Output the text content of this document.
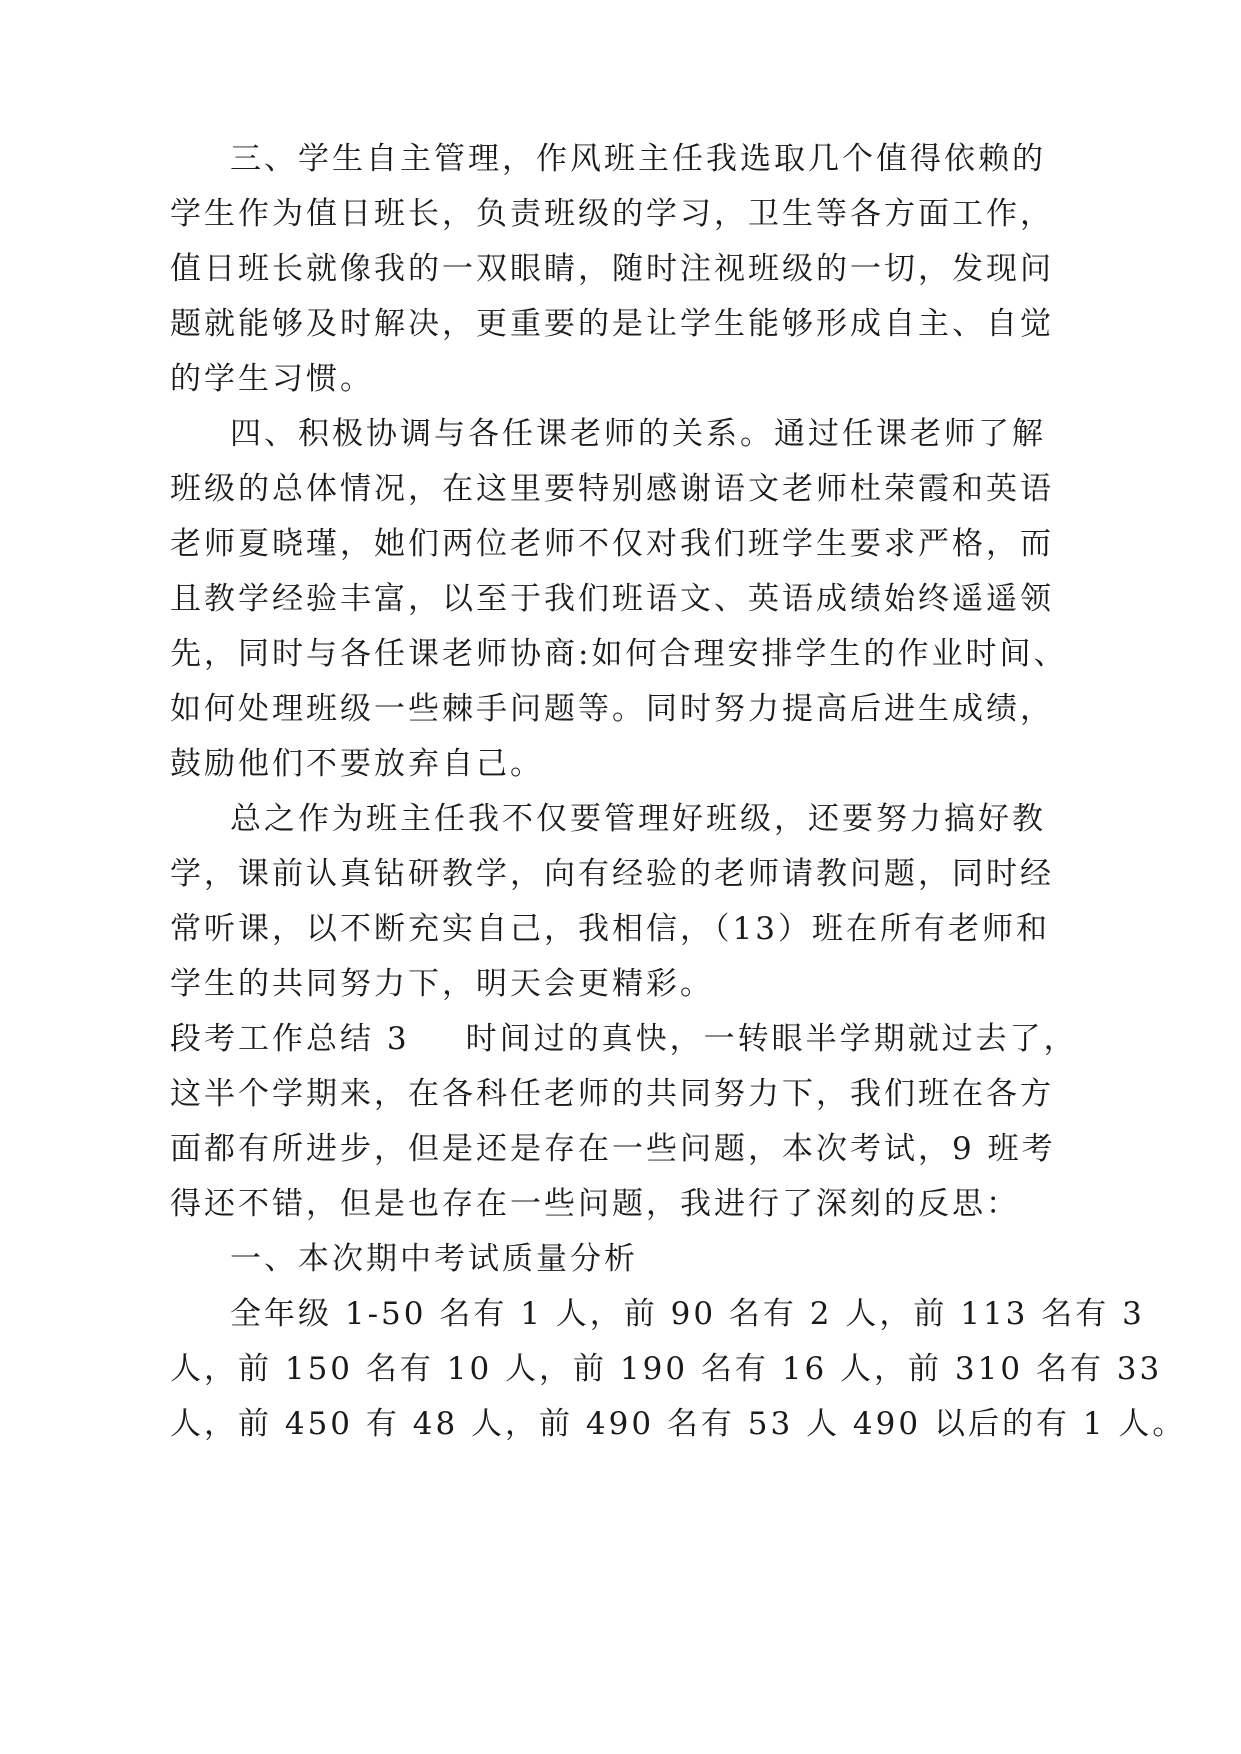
三、学生自主管理，作风班主任我选取几个值得依赖的
学生作为值日班长，负责班级的学习，卫生等各方面工作，
值日班长就像我的一双眼睛，随时注视班级的一切，发现问
题就能够及时解决，更重要的是让学生能够形成自主、自觉
的学生习惯。
四、积极协调与各任课老师的关系。通过任课老师了解
班级的总体情况，在这里要特别感谢语文老师杜荣霞和英语
老师夏晓瑾，她们两位老师不仅对我们班学生要求严格，而
且教学经验丰富，以至于我们班语文、英语成绩始终遥遥领
先，同时与各任课老师协商:如何合理安排学生的作业时间、
如何处理班级一些棘手问题等。同时努力提高后进生成绩，
鼓励他们不要放弃自己。
总之作为班主任我不仅要管理好班级，还要努力搞好教
学，课前认真钻研教学，向有经验的老师请教问题，同时经
常听课，以不断充实自己，我相信，（13）班在所有老师和
学生的共同努力下，明天会更精彩。
段考工作总结 3 时间过的真快，一转眼半学期就过去了，
这半个学期来，在各科任老师的共同努力下，我们班在各方
面都有所进步，但是还是存在一些问题，本次考试，9 班考
得还不错，但是也存在一些问题，我进行了深刻的反思：
一、本次期中考试质量分析
全年级 1-50 名有 1 人，前 90 名有 2 人，前 113 名有 3
人，前 150 名有 10 人，前 190 名有 16 人，前 310 名有 33
人，前 450 有 48 人，前 490 名有 53 人 490 以后的有 1 人。
